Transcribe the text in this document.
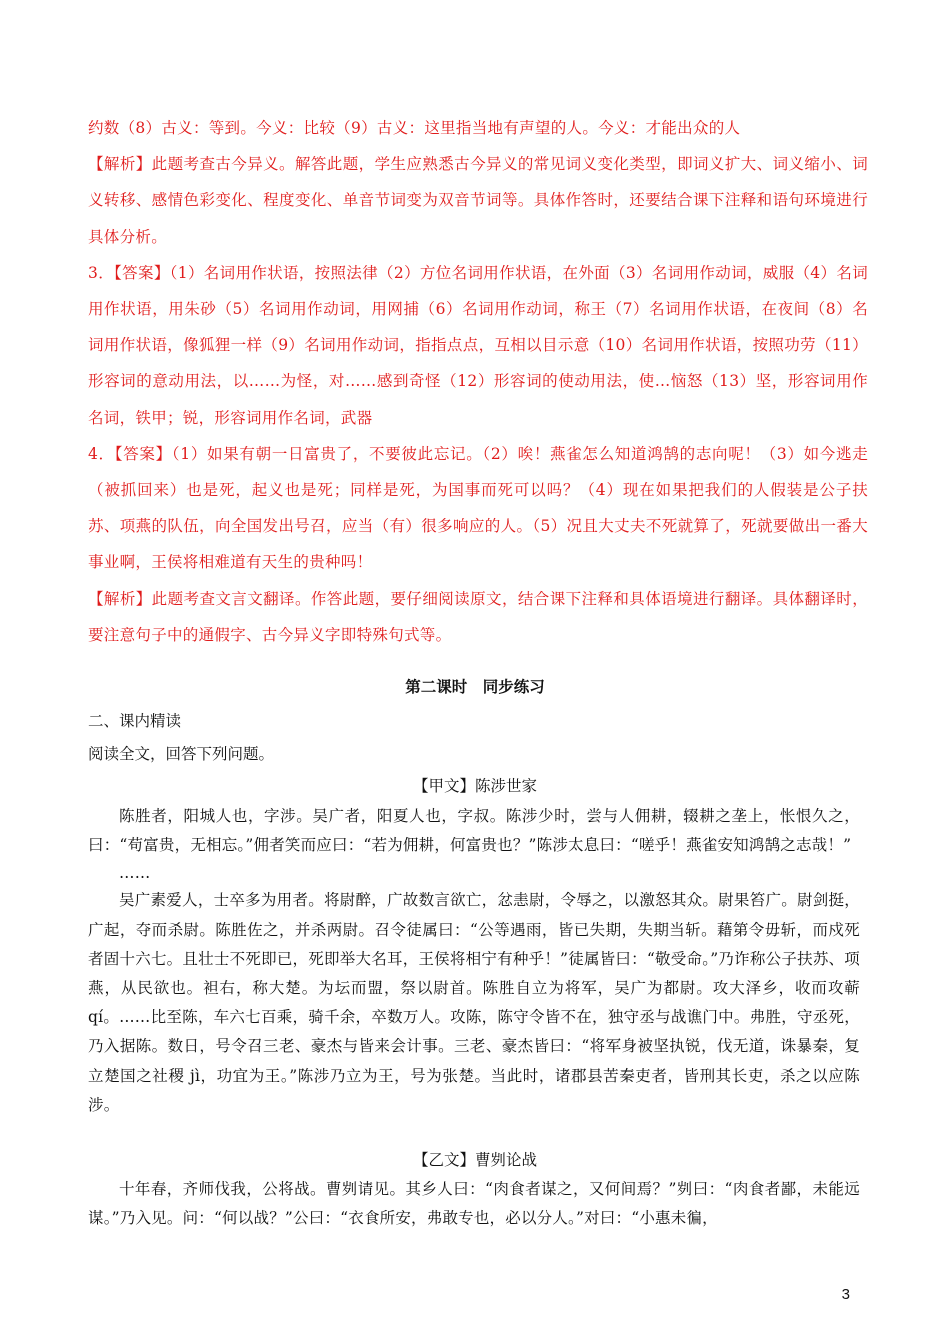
约数（8）古义：等到。今义：比较（9）古义：这里指当地有声望的人。今义：才能出众的人

【解析】此题考查古今异义。解答此题，学生应熟悉古今异义的常见词义变化类型，即词义扩大、词义缩小、词义转移、感情色彩变化、程度变化、单音节词变为双音节词等。具体作答时，还要结合课下注释和语句环境进行具体分析。

3．【答案】（1）名词用作状语，按照法律（2）方位名词用作状语，在外面（3）名词用作动词，威服（4）名词用作状语，用朱砂（5）名词用作动词，用网捕（6）名词用作动词，称王（7）名词用作状语，在夜间（8）名词用作状语，像狐狸一样（9）名词用作动词，指指点点，互相以目示意（10）名词用作状语，按照功劳（11）形容词的意动用法，以……为怪，对……感到奇怪（12）形容词的使动用法，使…恼怒（13）坚，形容词用作名词，铁甲；锐，形容词用作名词，武器

4．【答案】（1）如果有朝一日富贵了，不要彼此忘记。（2）唉！燕雀怎么知道鸿鹄的志向呢！（3）如今逃走（被抓回来）也是死，起义也是死；同样是死，为国事而死可以吗？（4）现在如果把我们的人假装是公子扶苏、项燕的队伍，向全国发出号召，应当（有）很多响应的人。（5）况且大丈夫不死就算了，死就要做出一番大事业啊，王侯将相难道有天生的贵种吗！

【解析】此题考查文言文翻译。作答此题，要仔细阅读原文，结合课下注释和具体语境进行翻译。具体翻译时，要注意句子中的通假字、古今异义字即特殊句式等。

第二课时　同步练习
二、课内精读
阅读全文，回答下列问题。
【甲文】陈涉世家

陈胜者，阳城人也，字涉。吴广者，阳夏人也，字叔。陈涉少时，尝与人佣耕，辍耕之垄上，怅恨久之，曰：“苟富贵，无相忘。”佣者笑而应曰：“若为佣耕，何富贵也？”陈涉太息曰：“嗟乎！燕雀安知鸿鹄之志哉！”

……

吴广素爱人，士卒多为用者。将尉醉，广故数言欲亡，忿恚尉，令辱之，以激怒其众。尉果笞广。尉剑挺，广起，夺而杀尉。陈胜佐之，并杀两尉。召令徒属曰：“公等遇雨，皆已失期，失期当斩。藉第令毋斩，而戍死者固十六七。且壮士不死即已，死即举大名耳，王侯将相宁有种乎！”徒属皆曰：“敬受命。”乃诈称公子扶苏、项燕，从民欲也。袒右，称大楚。为坛而盟，祭以尉首。陈胜自立为将军，吴广为都尉。攻大泽乡，收而攻蕲 qí。……比至陈，车六七百乘，骑千余，卒数万人。攻陈，陈守令皆不在，独守丞与战谯门中。弗胜，守丞死，乃入据陈。数日，号令召三老、豪杰与皆来会计事。三老、豪杰皆曰：“将军身被坚执锐，伐无道，诛暴秦，复立楚国之社稷 jì，功宜为王。”陈涉乃立为王，号为张楚。当此时，诸郡县苦秦吏者，皆刑其长吏，杀之以应陈涉。

【乙文】曹刿论战

十年春，齐师伐我，公将战。曹刿请见。其乡人曰：“肉食者谋之，又何间焉？”刿曰：“肉食者鄙，未能远谋。”乃入见。问：“何以战？”公曰：“衣食所安，弗敢专也，必以分人。”对曰：“小惠未徧，

3
